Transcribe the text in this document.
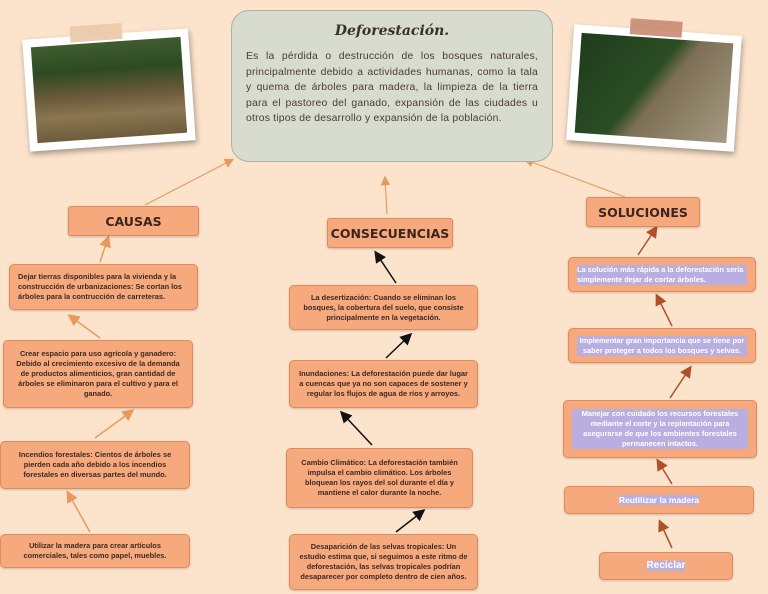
Deforestación.
Es la pérdida o destrucción de los bosques naturales, principalmente debido a actividades humanas, como la tala y quema de árboles para madera, la limpieza de la tierra para el pastoreo del ganado, expansión de las ciudades u otros tipos de desarrollo y expansión de la población.
CAUSAS
CONSECUENCIAS
SOLUCIONES
Dejar tierras disponibles para la vivienda y la construcción de urbanizaciones: Se cortan los árboles para la contrucción de carreteras.
Crear espacio para uso agrícola y ganadero: Debido al crecimiento excesivo de la demanda de productos alimenticios, gran cantidad de árboles se eliminaron para el cultivo y para el ganado.
Incendios forestales: Cientos de árboles se pierden cada año debido a los incendios forestales en diversas partes del mundo.
Utilizar la madera para crear artículos comerciales, tales como papel, muebles.
La desertización: Cuando se eliminan los bosques, la cobertura del suelo, que consiste principalmente en la vegetación.
Inundaciones: La deforestación puede dar lugar a cuencas que ya no son capaces de sostener y regular los flujos de agua de ríos y arroyos.
Cambio Climático: La deforestación también impulsa el cambio climático. Los árboles bloquean los rayos del sol durante el día y mantiene el calor durante la noche.
Desaparición de las selvas tropicales: Un estudio estima que, si seguimos a este ritmo de deforestación, las selvas tropicales podrían desaparecer por completo dentro de cien años.
La solución más rápida a la deforestación sería simplemente dejar de cortar árboles.
Implementar gran importancia que se tiene por saber proteger a todos los bosques y selvas.
Manejar con cuidado los recursos forestales mediante el corte y la replantación para asegurarse de que los ambientes forestales permanecen intactos.
Reutilizar la madera
Reciclar
